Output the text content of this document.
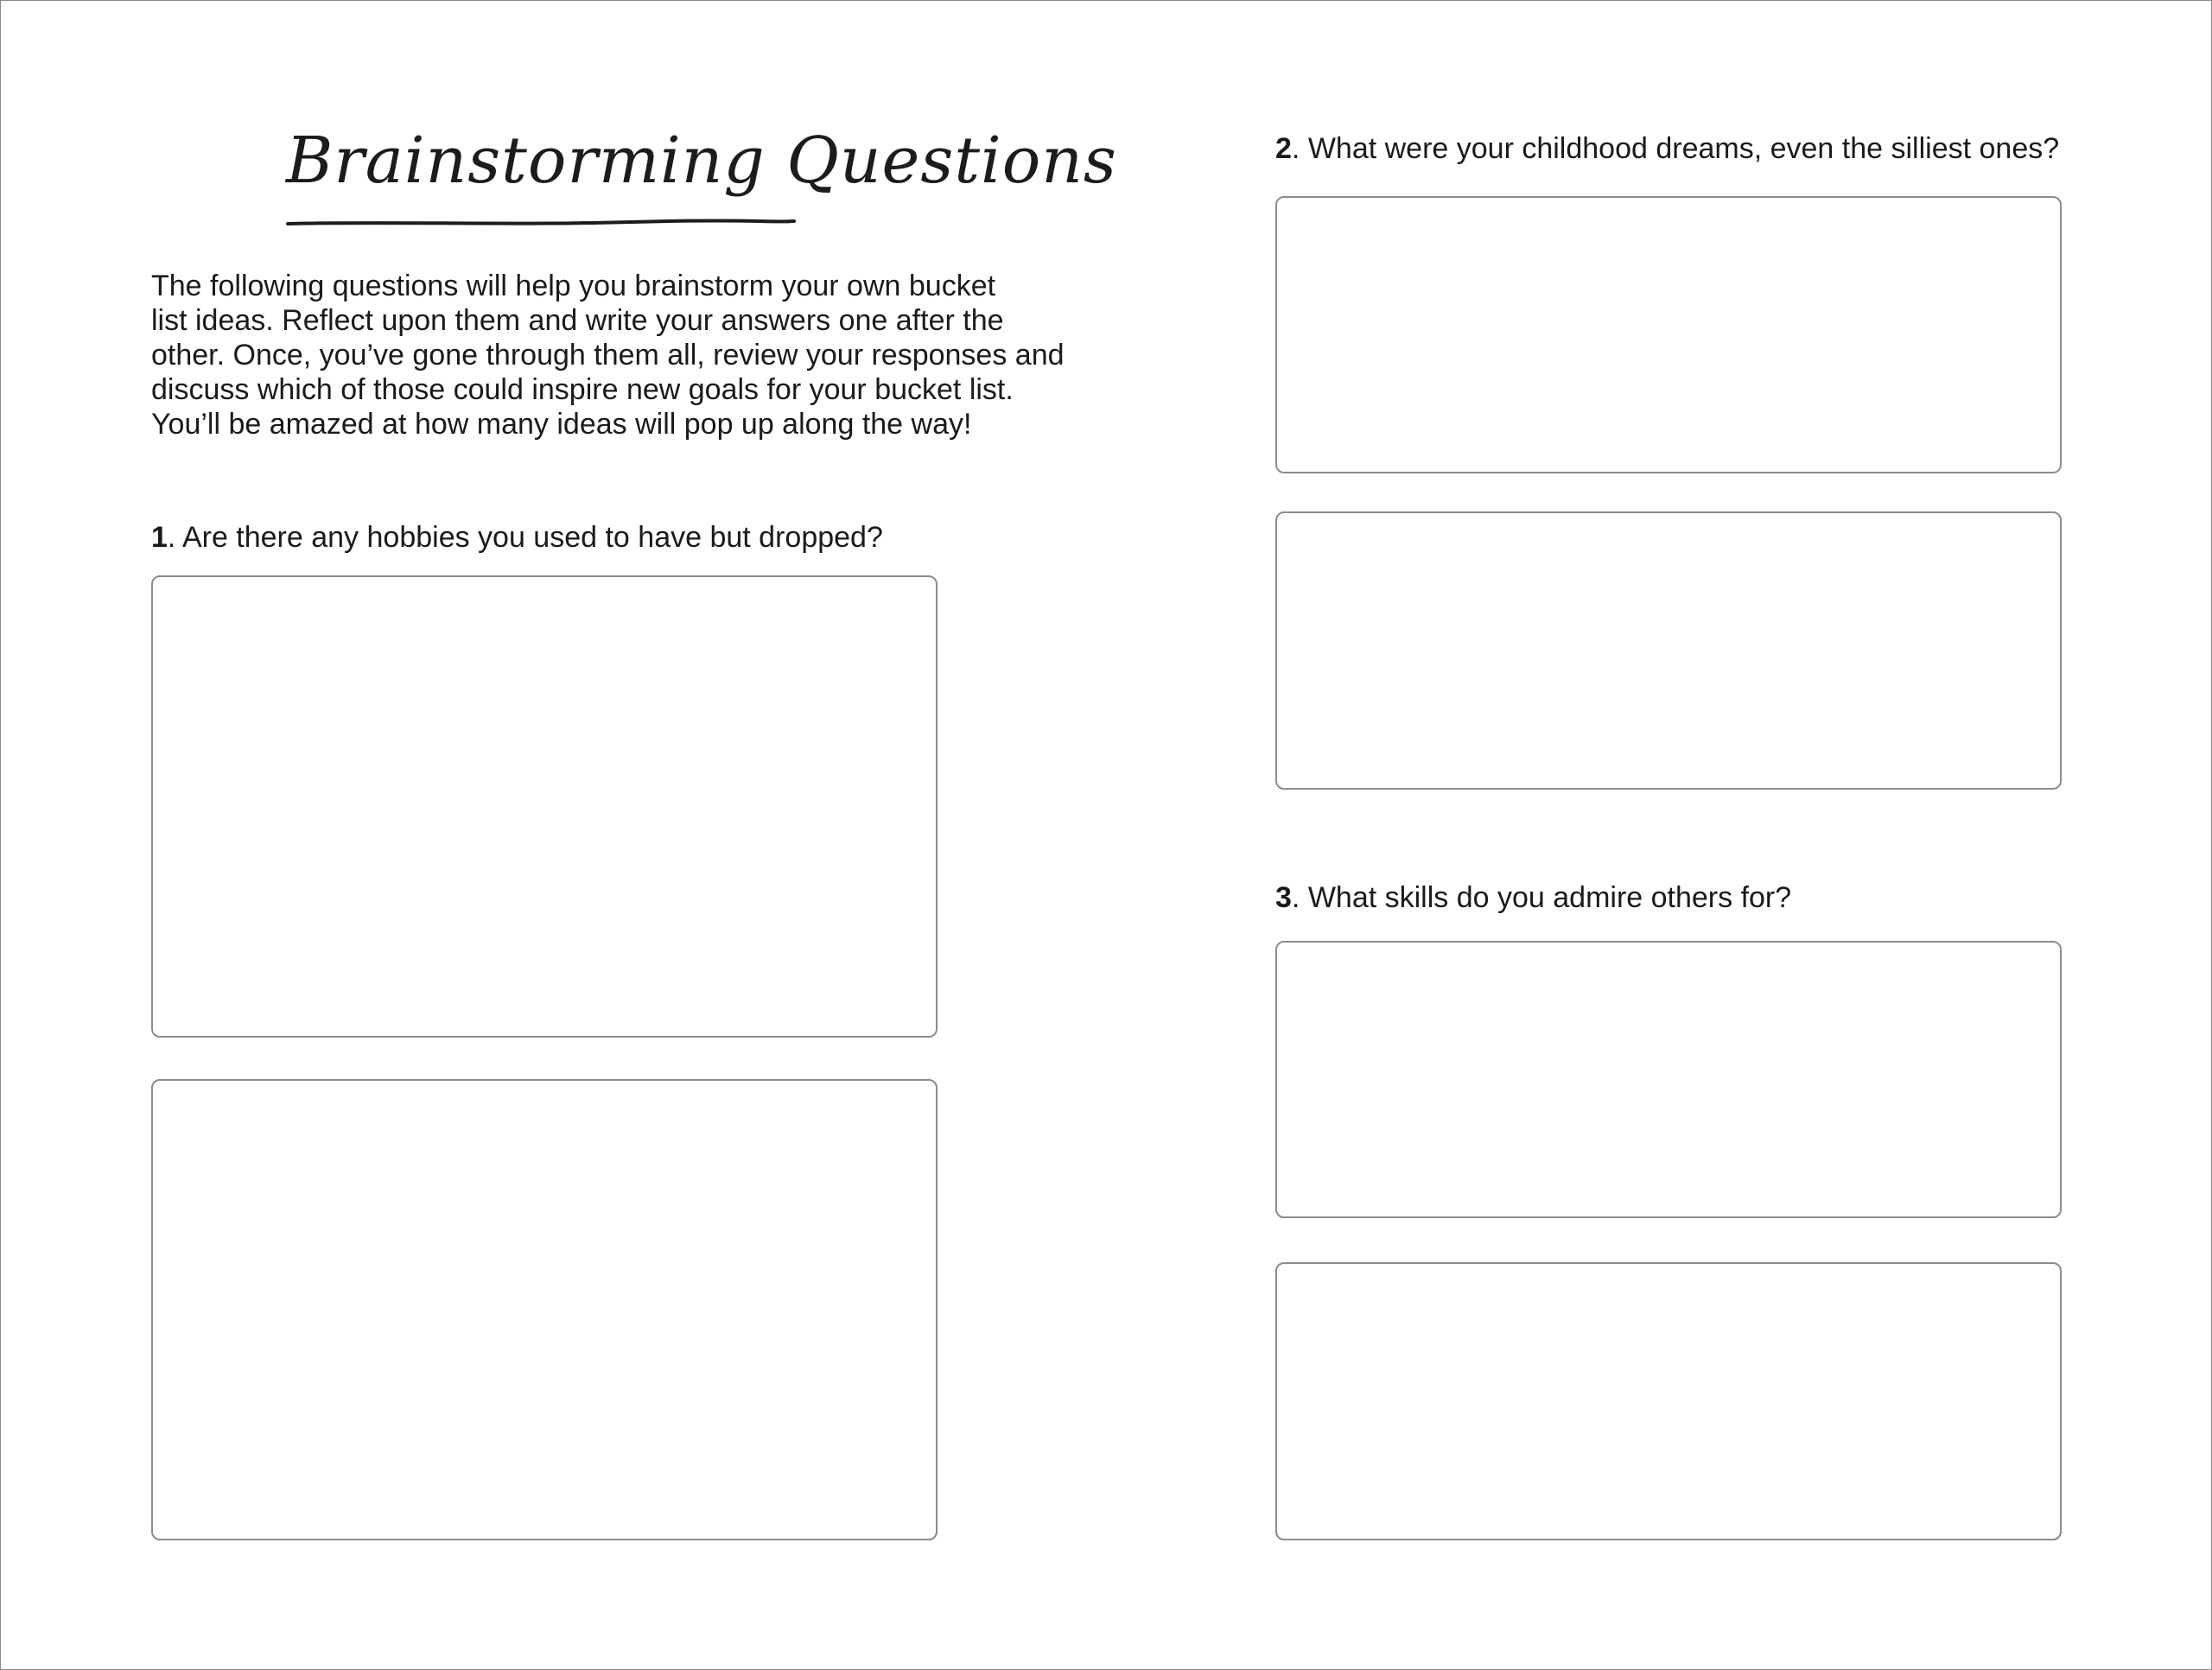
Brainstorming Questions

The following questions will help you brainstorm your own bucket
list ideas. Reflect upon them and write your answers one after the
other. Once, you’ve gone through them all, review your responses and
discuss which of those could inspire new goals for your bucket list.
You’ll be amazed at how many ideas will pop up along the way!

1. Are there any hobbies you used to have but dropped?
2. What were your childhood dreams, even the silliest ones?
3. What skills do you admire others for?
